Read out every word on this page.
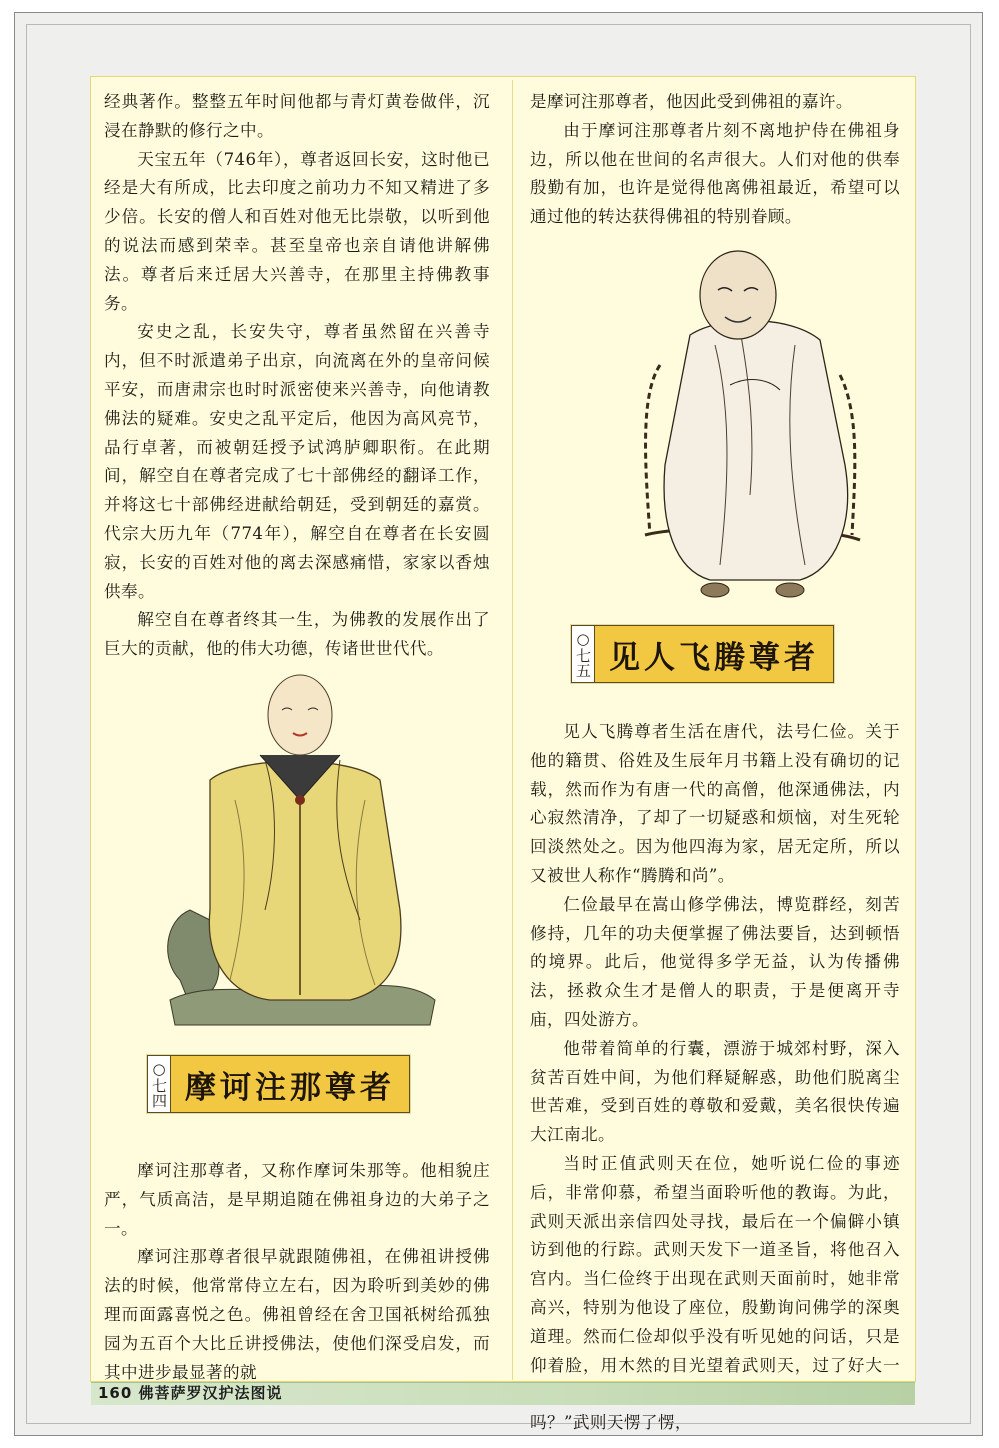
经典著作。整整五年时间他都与青灯黄卷做伴，沉浸在静默的修行之中。

天宝五年（746年），尊者返回长安，这时他已经是大有所成，比去印度之前功力不知又精进了多少倍。长安的僧人和百姓对他无比崇敬，以听到他的说法而感到荣幸。甚至皇帝也亲自请他讲解佛法。尊者后来迁居大兴善寺，在那里主持佛教事务。

安史之乱，长安失守，尊者虽然留在兴善寺内，但不时派遣弟子出京，向流离在外的皇帝问候平安，而唐肃宗也时时派密使来兴善寺，向他请教佛法的疑难。安史之乱平定后，他因为高风亮节，品行卓著，而被朝廷授予试鸿胪卿职衔。在此期间，解空自在尊者完成了七十部佛经的翻译工作，并将这七十部佛经进献给朝廷，受到朝廷的嘉赏。代宗大历九年（774年），解空自在尊者在长安圆寂，长安的百姓对他的离去深感痛惜，家家以香烛供奉。

解空自在尊者终其一生，为佛教的发展作出了巨大的贡献，他的伟大功德，传诸世世代代。

○七四 摩诃注那尊者

摩诃注那尊者，又称作摩诃朱那等。他相貌庄严，气质高洁，是早期追随在佛祖身边的大弟子之一。

摩诃注那尊者很早就跟随佛祖，在佛祖讲授佛法的时候，他常常侍立左右，因为聆听到美妙的佛理而面露喜悦之色。佛祖曾经在舍卫国祇树给孤独园为五百个大比丘讲授佛法，使他们深受启发，而其中进步最显著的就

是摩诃注那尊者，他因此受到佛祖的嘉许。

由于摩诃注那尊者片刻不离地护侍在佛祖身边，所以他在世间的名声很大。人们对他的供奉殷勤有加，也许是觉得他离佛祖最近，希望可以通过他的转达获得佛祖的特别眷顾。

○七五 见人飞腾尊者

见人飞腾尊者生活在唐代，法号仁俭。关于他的籍贯、俗姓及生辰年月书籍上没有确切的记载，然而作为有唐一代的高僧，他深通佛法，内心寂然清净，了却了一切疑惑和烦恼，对生死轮回淡然处之。因为他四海为家，居无定所，所以又被世人称作“腾腾和尚”。

仁俭最早在嵩山修学佛法，博览群经，刻苦修持，几年的功夫便掌握了佛法要旨，达到顿悟的境界。此后，他觉得多学无益，认为传播佛法，拯救众生才是僧人的职责，于是便离开寺庙，四处游方。

他带着简单的行囊，漂游于城郊村野，深入贫苦百姓中间，为他们释疑解惑，助他们脱离尘世苦难，受到百姓的尊敬和爱戴，美名很快传遍大江南北。

当时正值武则天在位，她听说仁俭的事迹后，非常仰慕，希望当面聆听他的教诲。为此，武则天派出亲信四处寻找，最后在一个偏僻小镇访到他的行踪。武则天发下一道圣旨，将他召入宫内。当仁俭终于出现在武则天面前时，她非常高兴，特别为他设了座位，殷勤询问佛学的深奥道理。然而仁俭却似乎没有听见她的问话，只是仰着脸，用木然的目光望着武则天，过了好大一 吗？”武则天愣了愣，

160 佛菩萨罗汉护法图说
